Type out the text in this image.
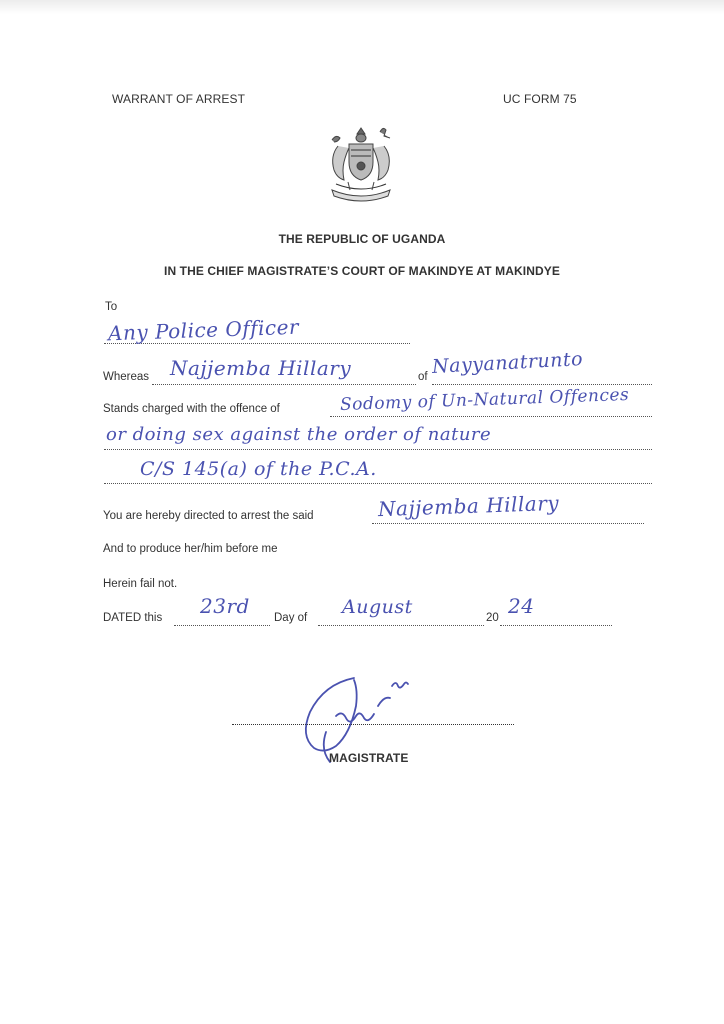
WARRANT OF ARREST	UC FORM 75
THE REPUBLIC OF UGANDA
IN THE CHIEF MAGISTRATE’S COURT OF MAKINDYE AT MAKINDYE
To
Any Police Officer
Whereas	of
Najjemba Hillary	Nayyanatrunto
Stands charged with the offence of	Sodomy of Un-Natural Offences
or doing sex against the order of nature
C/S 145(a) of the P.C.A.
You are hereby directed to arrest the said	Najjemba Hillary
And to produce her/him before me
Herein fail not.
DATED this 23rd Day of August	20 24
MAGISTRATE
